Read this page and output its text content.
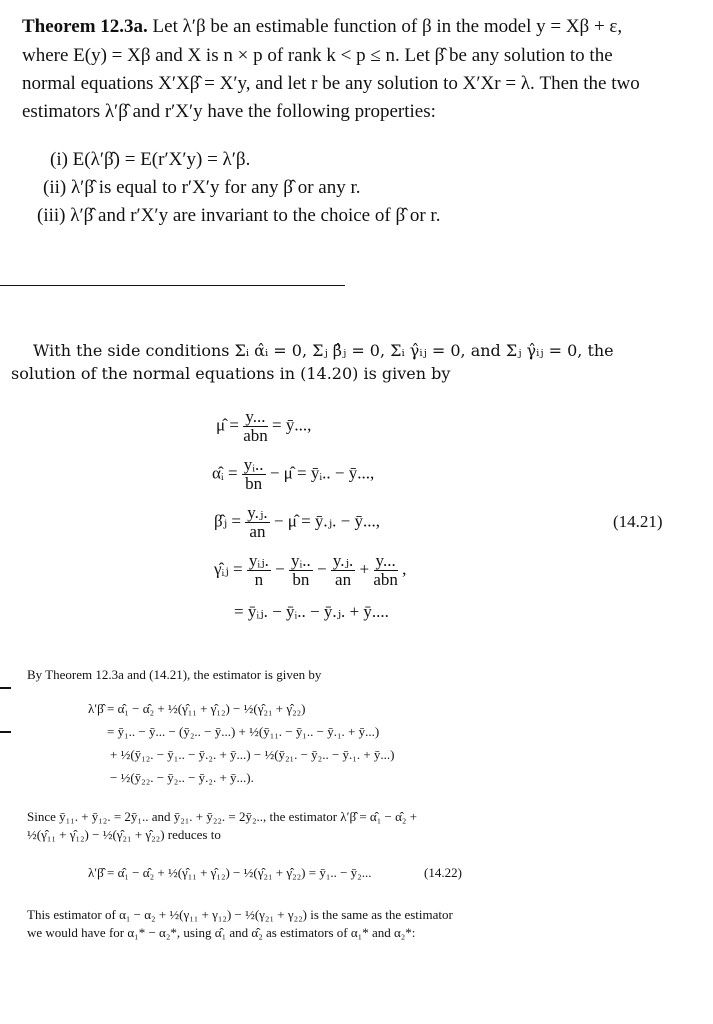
Theorem 12.3a. Let λ′β be an estimable function of β in the model y = Xβ + ε,
where E(y) = Xβ and X is n × p of rank k < p ≤ n. Let β̂ be any solution to the
normal equations X′Xβ̂ = X′y, and let r be any solution to X′Xr = λ. Then the two
estimators λ′β̂ and r′X′y have the following properties:
(i) E(λ′β̂) = E(r′X′y) = λ′β.
(ii) λ′β̂ is equal to r′X′y for any β̂ or any r.
(iii) λ′β̂ and r′X′y are invariant to the choice of β̂ or r.
With the side conditions Σᵢ α̂ᵢ = 0, Σⱼ β̂ⱼ = 0, Σᵢ γ̂ᵢⱼ = 0, and Σⱼ γ̂ᵢⱼ = 0, the
solution of the normal equations in (14.20) is given by
μ̂ = $\frac{y...}{\text{abn}}$ = ȳ...,
α̂ᵢ = $\frac{\text{yᵢ..}}{bn}$ − μ̂ = ȳᵢ.. − ȳ...,
β̂ⱼ = $\frac{\text{y.ⱼ.}}{an}$ − μ̂ = ȳ.ⱼ. − ȳ...,	(14.21)
γ̂ᵢⱼ = $\frac{\text{yᵢⱼ.}}{n} - \frac{\text{yᵢ..}}{bn} - \frac{\text{y.ⱼ.}}{an} + \frac{y...}{\text{abn}}$ ,
= ȳᵢⱼ. − ȳᵢ.. − ȳ.ⱼ. + ȳ....
By Theorem 12.3a and (14.21), the estimator is given by
λ′β̂ = α̂₁ − α̂₂ + ½(γ̂₁₁ + γ̂₁₂) − ½(γ̂₂₁ + γ̂₂₂)
= ȳ₁.. − ȳ... − (ȳ₂.. − ȳ...) + ½(ȳ₁₁. − ȳ₁.. − ȳ.₁. + ȳ...)
+ ½(ȳ₁₂. − ȳ₁.. − ȳ.₂. + ȳ...) − ½(ȳ₂₁. − ȳ₂.. − ȳ.₁. + ȳ...)
− ½(ȳ₂₂. − ȳ₂.. − ȳ.₂. + ȳ...).
Since ȳ₁₁. + ȳ₁₂. = 2ȳ₁.. and ȳ₂₁. + ȳ₂₂. = 2ȳ₂.., the estimator λ′β̂ = α̂₁ − α̂₂ +
½(γ̂₁₁ + γ̂₁₂) − ½(γ̂₂₁ + γ̂₂₂) reduces to
λ′β̂ = α̂₁ − α̂₂ + ½(γ̂₁₁ + γ̂₁₂) − ½(γ̂₂₁ + γ̂₂₂) = ȳ₁.. − ȳ₂...	(14.22)
This estimator of α₁ − α₂ + ½(γ₁₁ + γ₁₂) − ½(γ₂₁ + γ₂₂) is the same as the estimator
we would have for α₁* − α₂*, using α̂₁ and α̂₂ as estimators of α₁* and α₂*:
